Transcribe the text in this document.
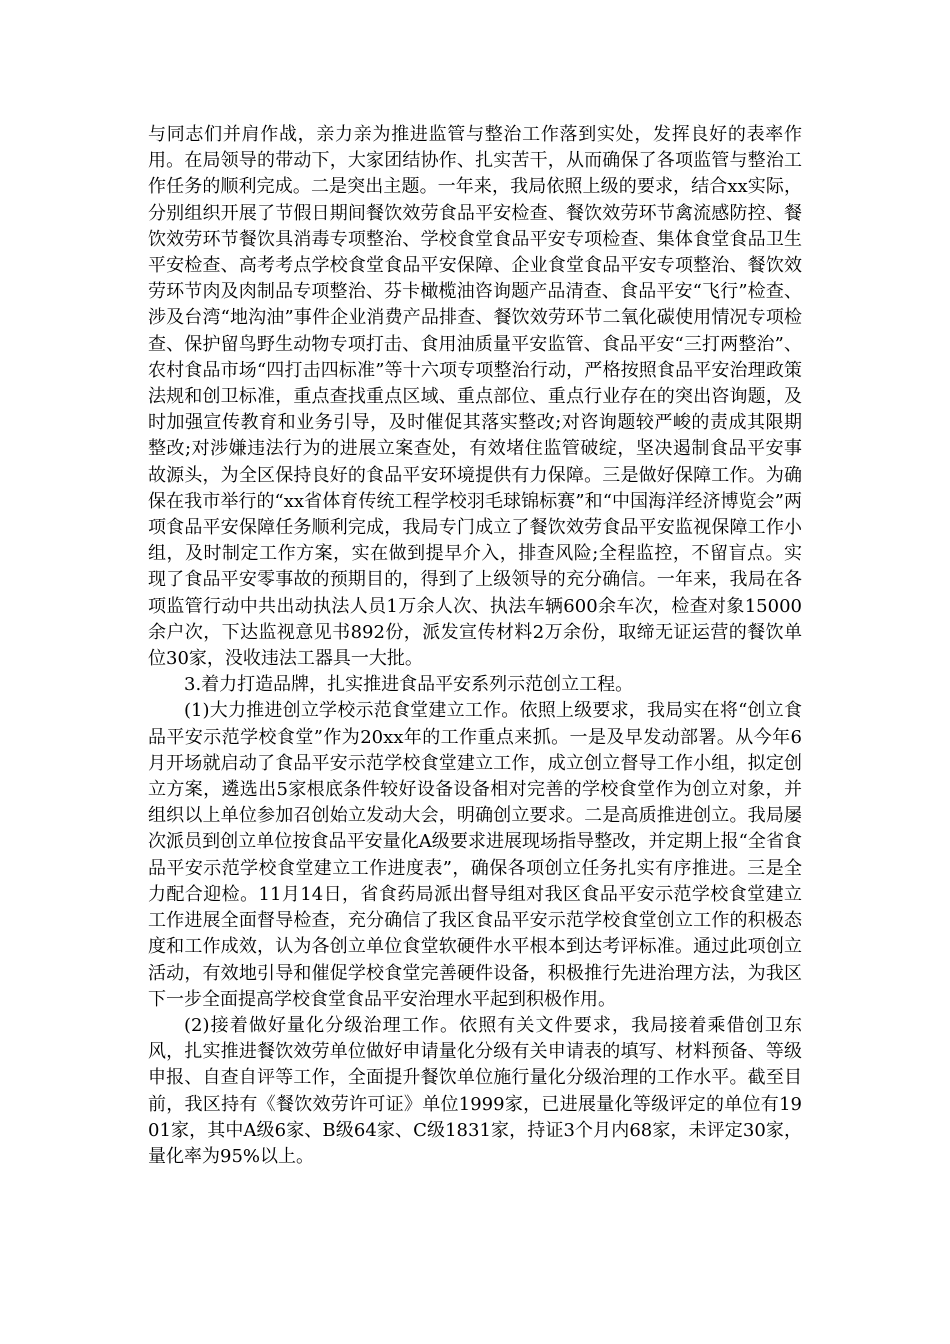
与同志们并肩作战，亲力亲为推进监管与整治工作落到实处，发挥良好的表率作用。在局领导的带动下，大家团结协作、扎实苦干，从而确保了各项监管与整治工作任务的顺利完成。二是突出主题。一年来，我局依照上级的要求，结合xx实际，分别组织开展了节假日期间餐饮效劳食品平安检查、餐饮效劳环节禽流感防控、餐饮效劳环节餐饮具消毒专项整治、学校食堂食品平安专项检查、集体食堂食品卫生平安检查、高考考点学校食堂食品平安保障、企业食堂食品平安专项整治、餐饮效劳环节肉及肉制品专项整治、芬卡橄榄油咨询题产品清查、食品平安“飞行”检查、涉及台湾“地沟油”事件企业消费产品排查、餐饮效劳环节二氧化碳使用情况专项检查、保护留鸟野生动物专项打击、食用油质量平安监管、食品平安“三打两整治”、农村食品市场“四打击四标准”等十六项专项整治行动，严格按照食品平安治理政策法规和创卫标准，重点查找重点区域、重点部位、重点行业存在的突出咨询题，及时加强宣传教育和业务引导，及时催促其落实整改;对咨询题较严峻的责成其限期整改;对涉嫌违法行为的进展立案查处，有效堵住监管破绽，坚决遏制食品平安事故源头，为全区保持良好的食品平安环境提供有力保障。三是做好保障工作。为确保在我市举行的“xx省体育传统工程学校羽毛球锦标赛”和“中国海洋经济博览会”两项食品平安保障任务顺利完成，我局专门成立了餐饮效劳食品平安监视保障工作小组，及时制定工作方案，实在做到提早介入，排查风险;全程监控，不留盲点。实现了食品平安零事故的预期目的，得到了上级领导的充分确信。一年来，我局在各项监管行动中共出动执法人员1万余人次、执法车辆600余车次，检查对象15000余户次，下达监视意见书892份，派发宣传材料2万余份，取缔无证运营的餐饮单位30家，没收违法工器具一大批。

3.着力打造品牌，扎实推进食品平安系列示范创立工程。

(1)大力推进创立学校示范食堂建立工作。依照上级要求，我局实在将“创立食品平安示范学校食堂”作为20xx年的工作重点来抓。一是及早发动部署。从今年6月开场就启动了食品平安示范学校食堂建立工作，成立创立督导工作小组，拟定创立方案，遴选出5家根底条件较好设备设备相对完善的学校食堂作为创立对象，并组织以上单位参加召创始立发动大会，明确创立要求。二是高质推进创立。我局屡次派员到创立单位按食品平安量化A级要求进展现场指导整改，并定期上报“全省食品平安示范学校食堂建立工作进度表”，确保各项创立任务扎实有序推进。三是全力配合迎检。11月14日，省食药局派出督导组对我区食品平安示范学校食堂建立工作进展全面督导检查，充分确信了我区食品平安示范学校食堂创立工作的积极态度和工作成效，认为各创立单位食堂软硬件水平根本到达考评标准。通过此项创立活动，有效地引导和催促学校食堂完善硬件设备，积极推行先进治理方法，为我区下一步全面提高学校食堂食品平安治理水平起到积极作用。

(2)接着做好量化分级治理工作。依照有关文件要求，我局接着乘借创卫东风，扎实推进餐饮效劳单位做好申请量化分级有关申请表的填写、材料预备、等级申报、自查自评等工作，全面提升餐饮单位施行量化分级治理的工作水平。截至目前，我区持有《餐饮效劳许可证》单位1999家，已进展量化等级评定的单位有1901家，其中A级6家、B级64家、C级1831家，持证3个月内68家，未评定30家，量化率为95%以上。
